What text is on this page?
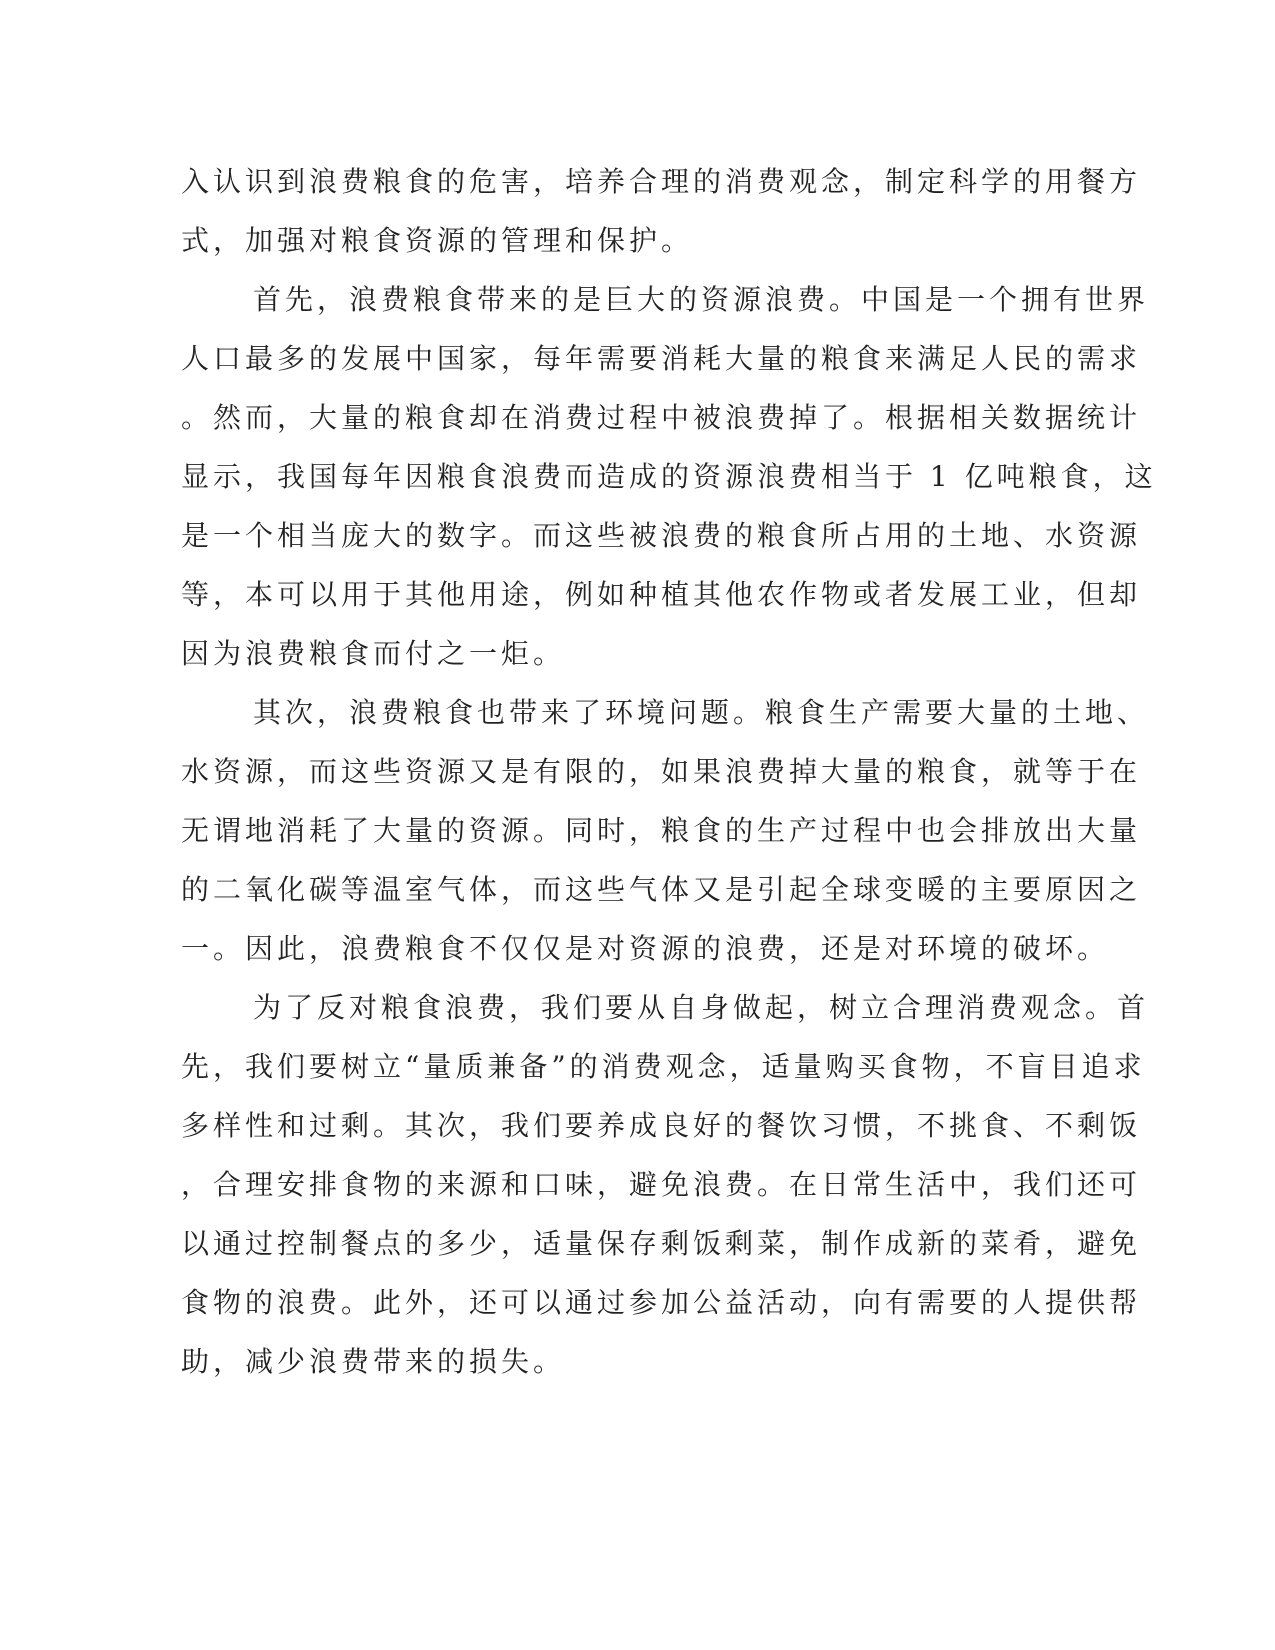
入认识到浪费粮食的危害，培养合理的消费观念，制定科学的用餐方
式，加强对粮食资源的管理和保护。
首先，浪费粮食带来的是巨大的资源浪费。中国是一个拥有世界
人口最多的发展中国家，每年需要消耗大量的粮食来满足人民的需求
。然而，大量的粮食却在消费过程中被浪费掉了。根据相关数据统计
显示，我国每年因粮食浪费而造成的资源浪费相当于 1 亿吨粮食，这
是一个相当庞大的数字。而这些被浪费的粮食所占用的土地、水资源
等，本可以用于其他用途，例如种植其他农作物或者发展工业，但却
因为浪费粮食而付之一炬。
其次，浪费粮食也带来了环境问题。粮食生产需要大量的土地、
水资源，而这些资源又是有限的，如果浪费掉大量的粮食，就等于在
无谓地消耗了大量的资源。同时，粮食的生产过程中也会排放出大量
的二氧化碳等温室气体，而这些气体又是引起全球变暖的主要原因之
一。因此，浪费粮食不仅仅是对资源的浪费，还是对环境的破坏。
为了反对粮食浪费，我们要从自身做起，树立合理消费观念。首
先，我们要树立“量质兼备”的消费观念，适量购买食物，不盲目追求
多样性和过剩。其次，我们要养成良好的餐饮习惯，不挑食、不剩饭
，合理安排食物的来源和口味，避免浪费。在日常生活中，我们还可
以通过控制餐点的多少，适量保存剩饭剩菜，制作成新的菜肴，避免
食物的浪费。此外，还可以通过参加公益活动，向有需要的人提供帮
助，减少浪费带来的损失。
